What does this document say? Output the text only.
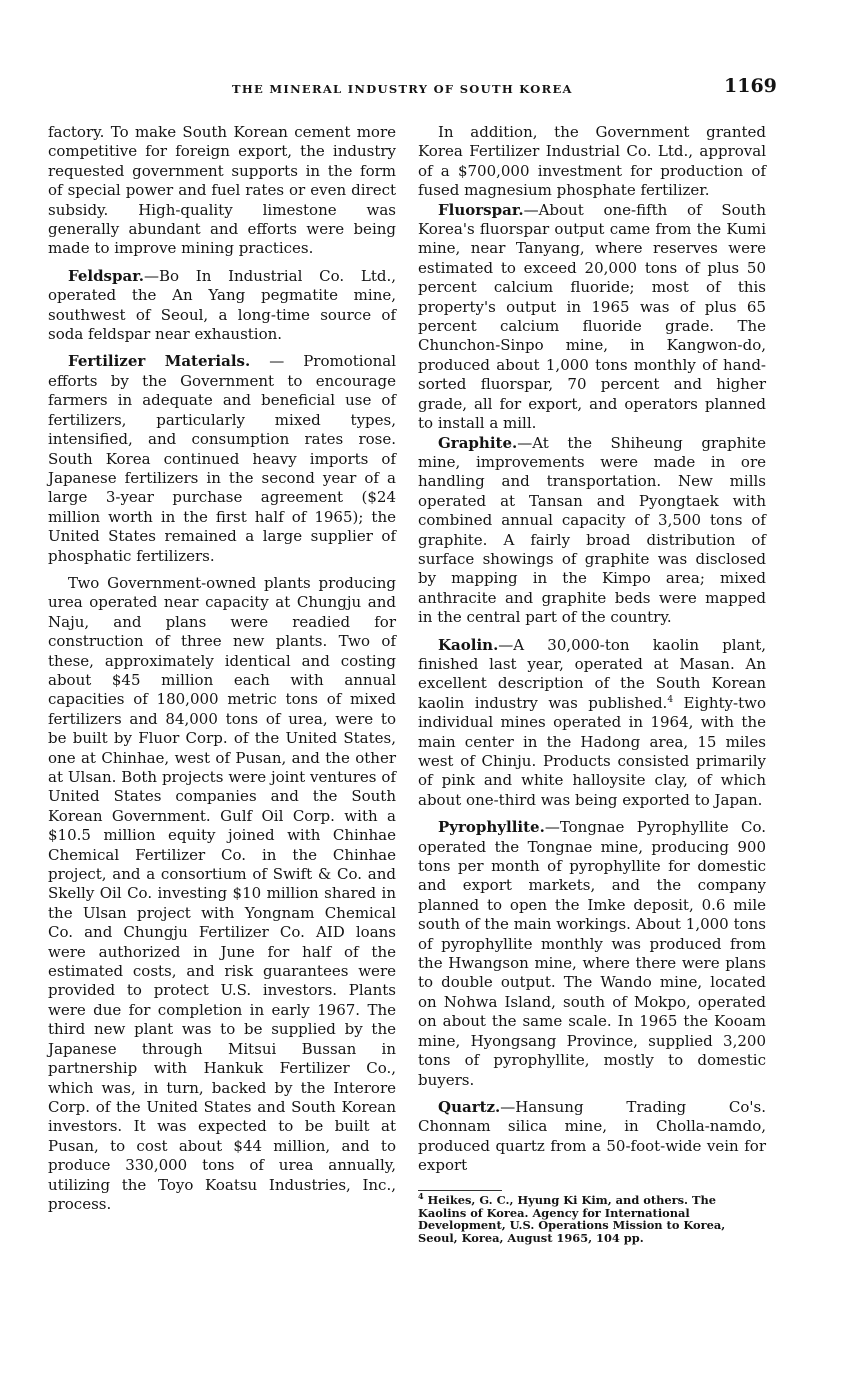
THE MINERAL INDUSTRY OF SOUTH KOREA	1169

factory. To make South Korean cement more competitive for foreign export, the industry requested government supports in the form of special power and fuel rates or even direct subsidy. High-quality limestone was generally abundant and efforts were being made to improve mining practices.

Feldspar.—Bo In Industrial Co. Ltd., operated the An Yang pegmatite mine, southwest of Seoul, a long-time source of soda feldspar near exhaustion.

Fertilizer Materials. — Promotional efforts by the Government to encourage farmers in adequate and beneficial use of fertilizers, particularly mixed types, intensified, and consumption rates rose. South Korea continued heavy imports of Japanese fertilizers in the second year of a large 3-year purchase agreement ($24 million worth in the first half of 1965); the United States remained a large supplier of phosphatic fertilizers.

Two Government-owned plants producing urea operated near capacity at Chungju and Naju, and plans were readied for construction of three new plants. Two of these, approximately identical and costing about $45 million each with annual capacities of 180,000 metric tons of mixed fertilizers and 84,000 tons of urea, were to be built by Fluor Corp. of the United States, one at Chinhae, west of Pusan, and the other at Ulsan. Both projects were joint ventures of United States companies and the South Korean Government. Gulf Oil Corp. with a $10.5 million equity joined with Chinhae Chemical Fertilizer Co. in the Chinhae project, and a consortium of Swift & Co. and Skelly Oil Co. investing $10 million shared in the Ulsan project with Yongnam Chemical Co. and Chungju Fertilizer Co. AID loans were authorized in June for half of the estimated costs, and risk guarantees were provided to protect U.S. investors. Plants were due for completion in early 1967. The third new plant was to be supplied by the Japanese through Mitsui Bussan in partnership with Hankuk Fertilizer Co., which was, in turn, backed by the Interore Corp. of the United States and South Korean investors. It was expected to be built at Pusan, to cost about $44 million, and to produce 330,000 tons of urea annually, utilizing the Toyo Koatsu Industries, Inc., process.

In addition, the Government granted Korea Fertilizer Industrial Co. Ltd., approval of a $700,000 investment for production of fused magnesium phosphate fertilizer.

Fluorspar.—About one-fifth of South Korea's fluorspar output came from the Kumi mine, near Tanyang, where reserves were estimated to exceed 20,000 tons of plus 50 percent calcium fluoride; most of this property's output in 1965 was of plus 65 percent calcium fluoride grade. The Chunchon-Sinpo mine, in Kangwon-do, produced about 1,000 tons monthly of hand-sorted fluorspar, 70 percent and higher grade, all for export, and operators planned to install a mill.

Graphite.—At the Shiheung graphite mine, improvements were made in ore handling and transportation. New mills operated at Tansan and Pyongtaek with combined annual capacity of 3,500 tons of graphite. A fairly broad distribution of surface showings of graphite was disclosed by mapping in the Kimpo area; mixed anthracite and graphite beds were mapped in the central part of the country.

Kaolin.—A 30,000-ton kaolin plant, finished last year, operated at Masan. An excellent description of the South Korean kaolin industry was published.$^4$ Eighty-two individual mines operated in 1964, with the main center in the Hadong area, 15 miles west of Chinju. Products consisted primarily of pink and white halloysite clay, of which about one-third was being exported to Japan.

Pyrophyllite.—Tongnae Pyrophyllite Co. operated the Tongnae mine, producing 900 tons per month of pyrophyllite for domestic and export markets, and the company planned to open the Imke deposit, 0.6 mile south of the main workings. About 1,000 tons of pyrophyllite monthly was produced from the Hwangson mine, where there were plans to double output. The Wando mine, located on Nohwa Island, south of Mokpo, operated on about the same scale. In 1965 the Kooam mine, Hyongsang Province, supplied 3,200 tons of pyrophyllite, mostly to domestic buyers.

Quartz.—Hansung Trading Co's. Chonnam silica mine, in Cholla-namdo, produced quartz from a 50-foot-wide vein for export

$^4$ Heikes, G. C., Hyung Ki Kim, and others. The Kaolins of Korea. Agency for International Development, U.S. Operations Mission to Korea, Seoul, Korea, August 1965, 104 pp.
